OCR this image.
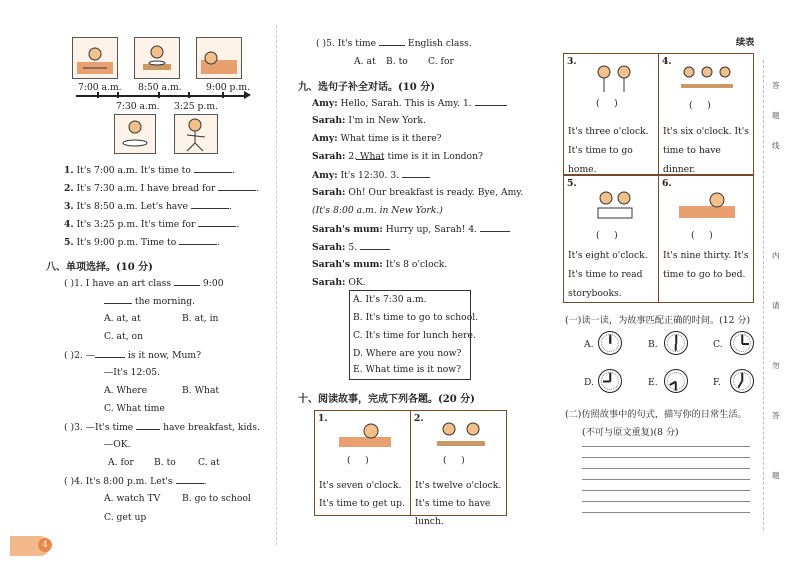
7:00 a.m. 8:50 a.m.	9:00 p.m.
7:30 a.m. 3:25 p.m.
1. It's 7:00 a.m. It's time to	.
2. It's 7:30 a.m. I have bread for	.
3. It's 8:50 a.m. Let's have	.
4. It's 3:25 p.m. It's time for	.
5. It's 9:00 p.m. Time to	.
八、单项选择。(10 分)
( )1. I have an art class	9:00
the morning.
A. at, at	B. at, in
C. at, on
( )2. —	is it now, Mum?
—It's 12:05.
A. Where	B. What
C. What time
( )3. —It's time	have breakfast, kids.
—OK.
A. for B. to C. at
( )4. It's 8:00 p.m. Let's	.
A. watch TV B. go to school
C. get up
4
( )5. It's time	English class.
A. at B. to C. for
九、选句子补全对话。(10 分)
Amy: Hello, Sarah. This is Amy. 1.
Sarah: I'm in New York.
Amy: What time is it there?
Sarah: 2. What time is it in London?
Amy: It's 12:30. 3.
Sarah: Oh! Our breakfast is ready. Bye, Amy.
(It's 8:00 a.m. in New York.)
Sarah's mum: Hurry up, Sarah! 4.
Sarah: 5.
Sarah's mum: It's 8 o'clock.
Sarah: OK.
A. It's 7:30 a.m.
B. It's time to go to school.
C. It's time for lunch here.
D. Where are you now?
E. What time is it now?
十、阅读故事，完成下列各题。(20 分)
1.
(     )
It's seven o'clock. It's time to get up.
2.
(     )
It's twelve o'clock. It's time to have lunch.
续表
3.
(     )
It's three o'clock. It's time to go home.
4.
(     )
It's six o'clock. It's time to have dinner.
5.
(     )
It's eight o'clock. It's time to read storybooks.
6.
(     )
It's nine thirty. It's time to go to bed.
(一)读一读，为故事匹配正确的时间。(12 分)
A.	B.	C.
D.	E.	F.
(二)仿照故事中的句式，描写你的日常生活。
(不可与原文重复)(8 分)
答
题
线
内
请
勿
答
题
